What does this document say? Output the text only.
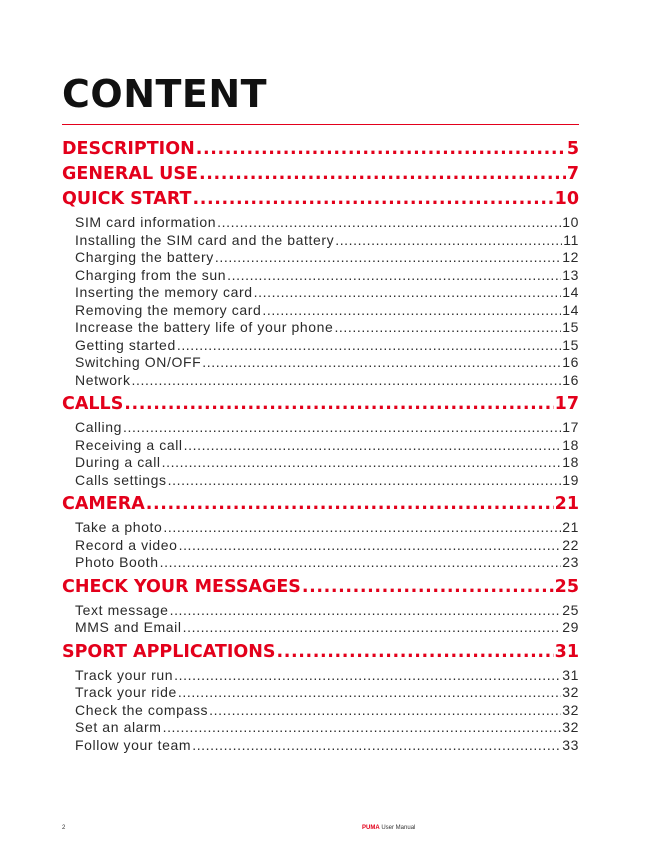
CONTENT
DESCRIPTION .....	5
GENERAL USE .....	7
QUICK START .....	10
SIM card information .....	10
Installing the SIM card and the battery .....	11
Charging the battery .....	12
Charging from the sun .....	13
Inserting the memory card .....	14
Removing the memory card .....	14
Increase the battery life of your phone .....	15
Getting started .....	15
Switching ON/OFF .....	16
Network .....	16
CALLS .....	17
Calling .....	17
Receiving a call .....	18
During a call .....	18
Calls settings .....	19
CAMERA .....	21
Take a photo .....	21
Record a video .....	22
Photo Booth .....	23
CHECK YOUR MESSAGES .....	25
Text message .....	25
MMS and Email .....	29
SPORT APPLICATIONS .....	31
Track your run .....	31
Track your ride .....	32
Check the compass .....	32
Set an alarm .....	32
Follow your team .....	33
2	PUMA User Manual
